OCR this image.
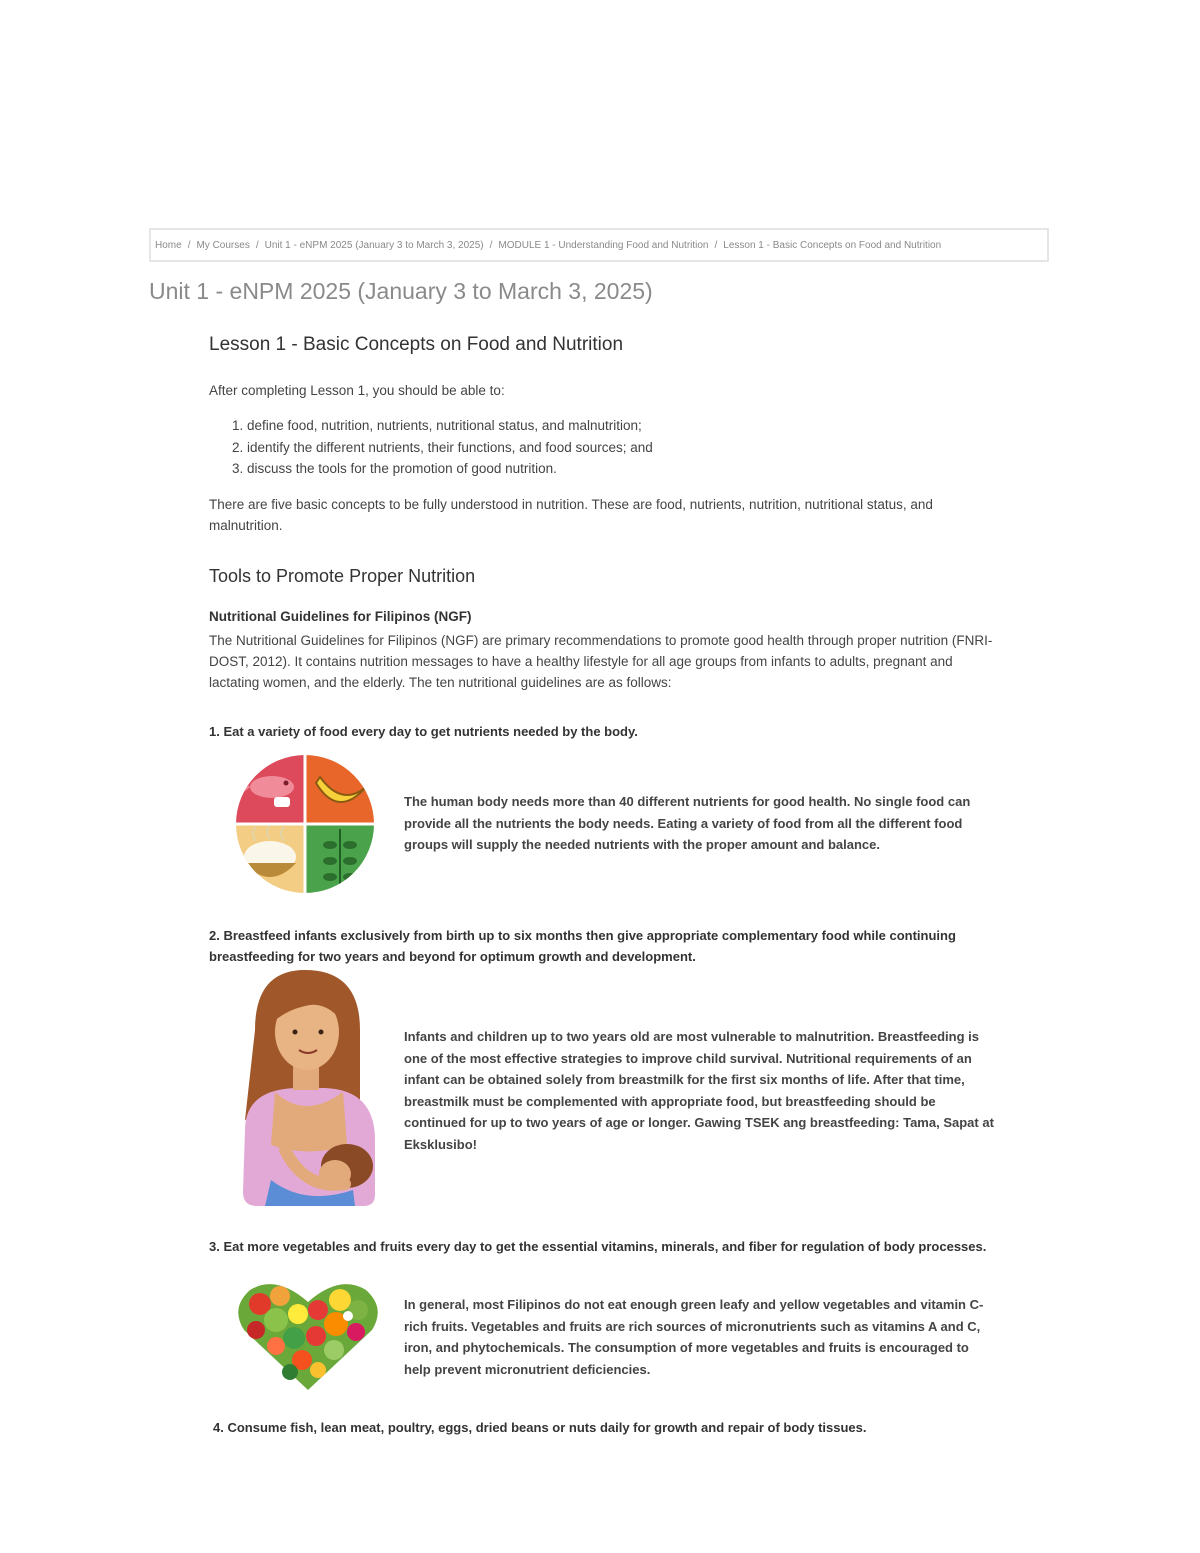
Home / My Courses / Unit 1 - eNPM 2025 (January 3 to March 3, 2025) / MODULE 1 - Understanding Food and Nutrition / Lesson 1 - Basic Concepts on Food and Nutrition
Unit 1 - eNPM 2025 (January 3 to March 3, 2025)
Lesson 1 - Basic Concepts on Food and Nutrition

After completing Lesson 1, you should be able to:

1. define food, nutrition, nutrients, nutritional status, and malnutrition;
2. identify the different nutrients, their functions, and food sources; and
3. discuss the tools for the promotion of good nutrition.

There are five basic concepts to be fully understood in nutrition. These are food, nutrients, nutrition, nutritional status, and malnutrition.

Tools to Promote Proper Nutrition
Nutritional Guidelines for Filipinos (NGF)

The Nutritional Guidelines for Filipinos (NGF) are primary recommendations to promote good health through proper nutrition (FNRI-DOST, 2012). It contains nutrition messages to have a healthy lifestyle for all age groups from infants to adults, pregnant and lactating women, and the elderly. The ten nutritional guidelines are as follows:

1. Eat a variety of food every day to get nutrients needed by the body.

The human body needs more than 40 different nutrients for good health. No single food can provide all the nutrients the body needs. Eating a variety of food from all the different food groups will supply the needed nutrients with the proper amount and balance.

2. Breastfeed infants exclusively from birth up to six months then give appropriate complementary food while continuing breastfeeding for two years and beyond for optimum growth and development.

Infants and children up to two years old are most vulnerable to malnutrition. Breastfeeding is one of the most effective strategies to improve child survival. Nutritional requirements of an infant can be obtained solely from breastmilk for the first six months of life. After that time, breastmilk must be complemented with appropriate food, but breastfeeding should be continued for up to two years of age or longer. Gawing TSEK ang breastfeeding: Tama, Sapat at Eksklusibo!

3. Eat more vegetables and fruits every day to get the essential vitamins, minerals, and fiber for regulation of body processes.

In general, most Filipinos do not eat enough green leafy and yellow vegetables and vitamin C-rich fruits. Vegetables and fruits are rich sources of micronutrients such as vitamins A and C, iron, and phytochemicals. The consumption of more vegetables and fruits is encouraged to help prevent micronutrient deficiencies.

4. Consume fish, lean meat, poultry, eggs, dried beans or nuts daily for growth and repair of body tissues.
